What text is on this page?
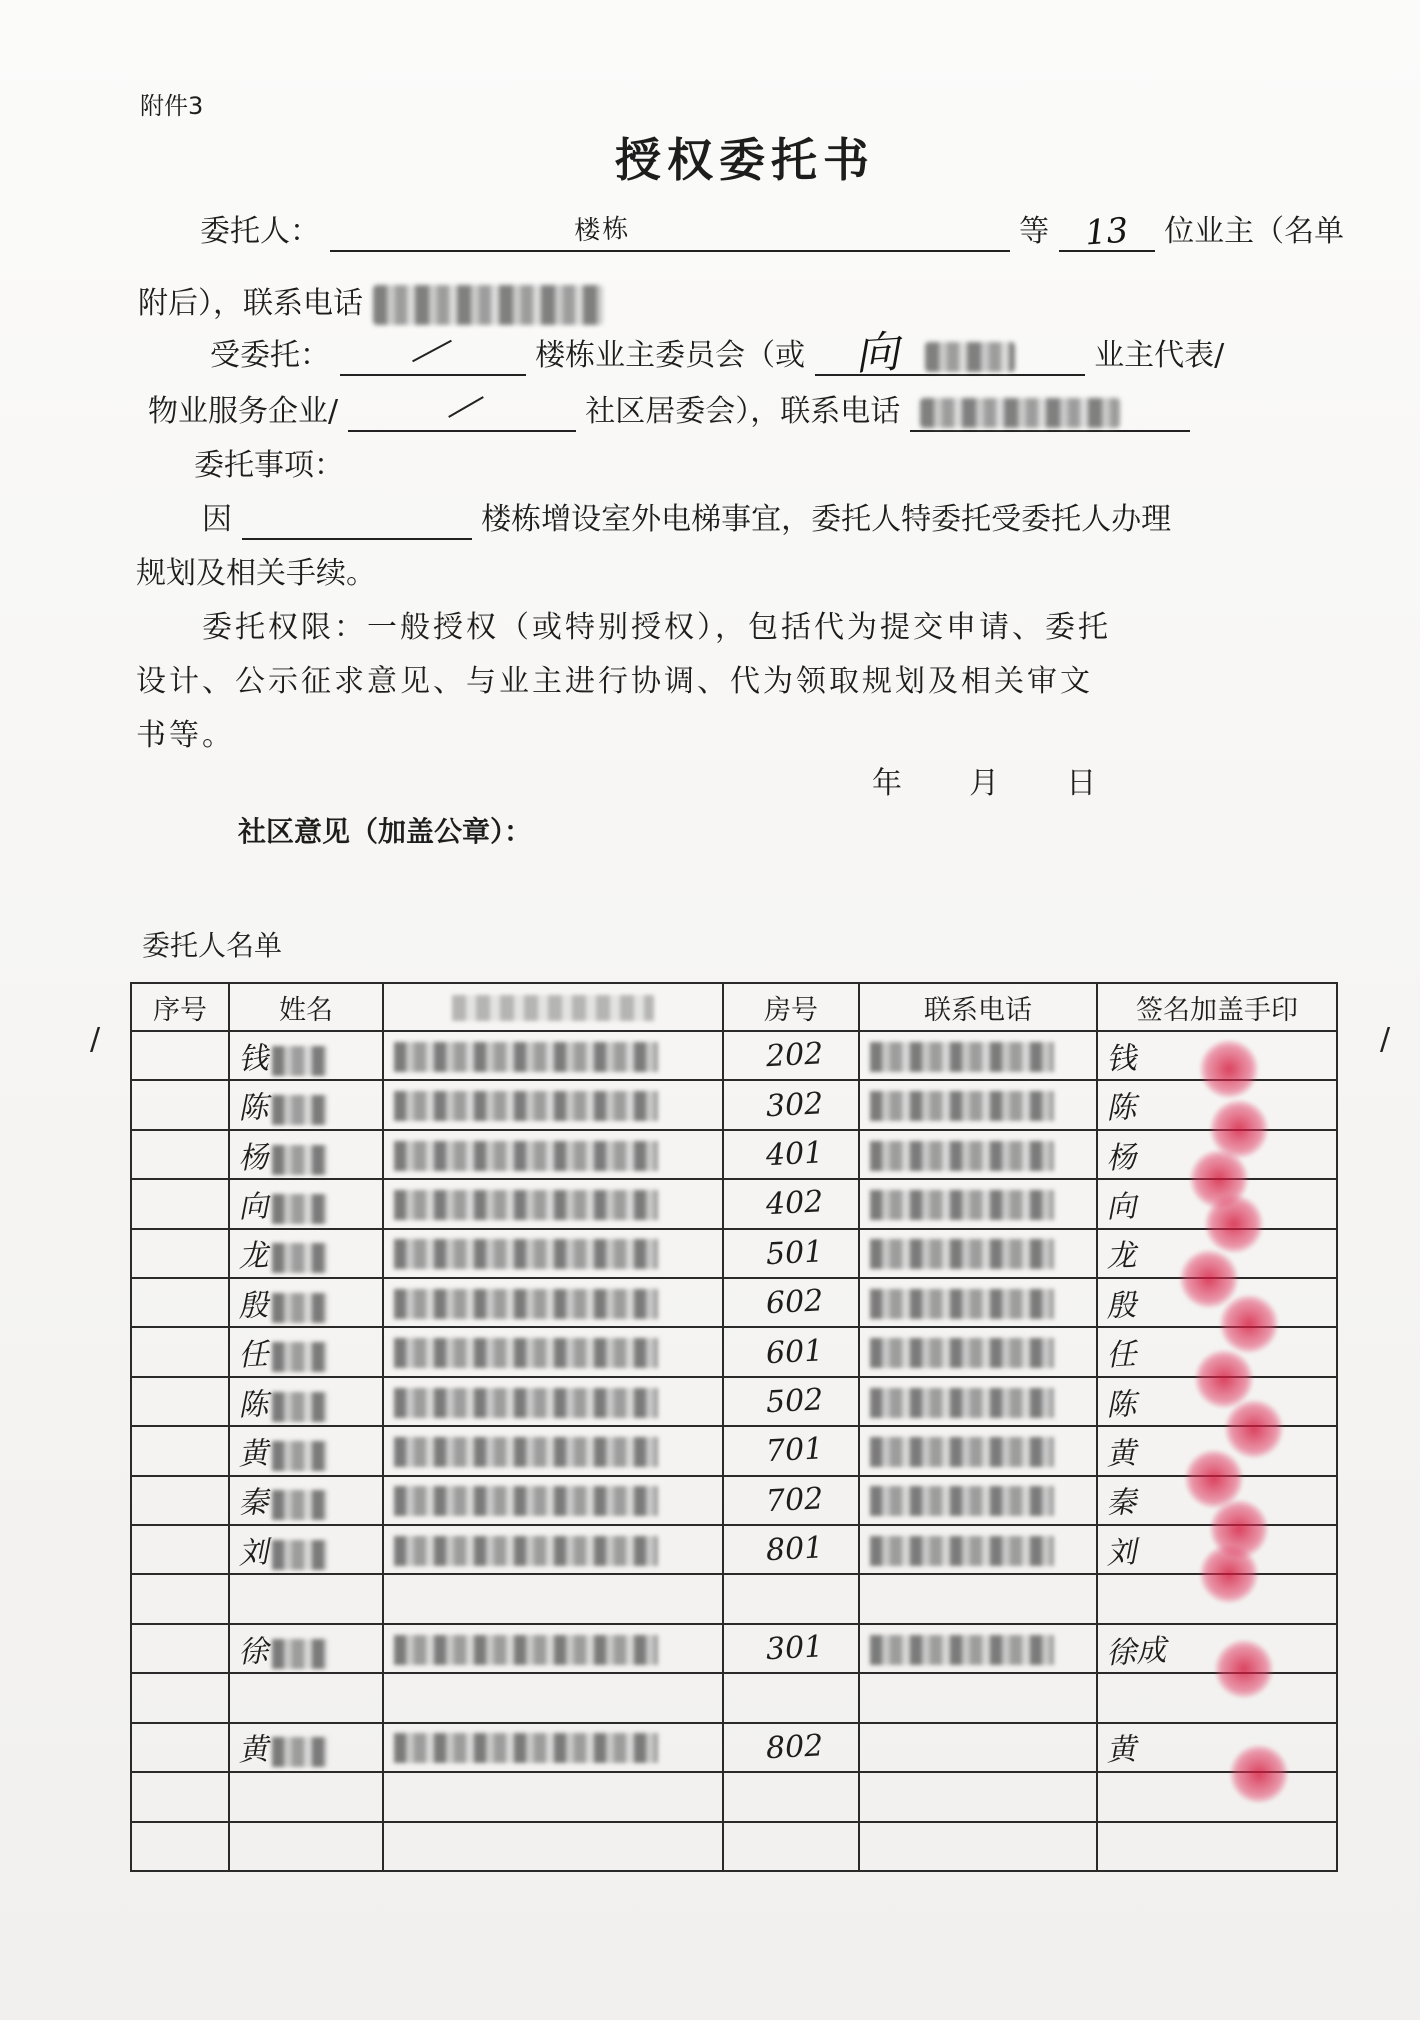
附件3
授权委托书
委托人：	楼栋	等 13 位业主（名单
附后），联系电话
受委托：	楼栋业主委员会（或 向	业主代表/
物业服务企业/	社区居委会），联系电话
委托事项：
因	楼栋增设室外电梯事宜，委托人特委托受委托人办理
规划及相关手续。
委托权限：一般授权（或特别授权），包括代为提交申请、委托
设计、公示征求意见、与业主进行协调、代为领取规划及相关审文
书等。
年 月 日
社区意见（加盖公章）：
委托人名单
/	/
序号	姓名		房号	联系电话	签名加盖手印
	钱		202		钱
	陈		302		陈
	杨		401		杨
	向		402		向
	龙		501		龙
	殷		602		殷
	任		601		任
	陈		502		陈
	黄		701		黄
	秦		702		秦
	刘		801		刘

	徐		301		徐成

	黄		802		黄
